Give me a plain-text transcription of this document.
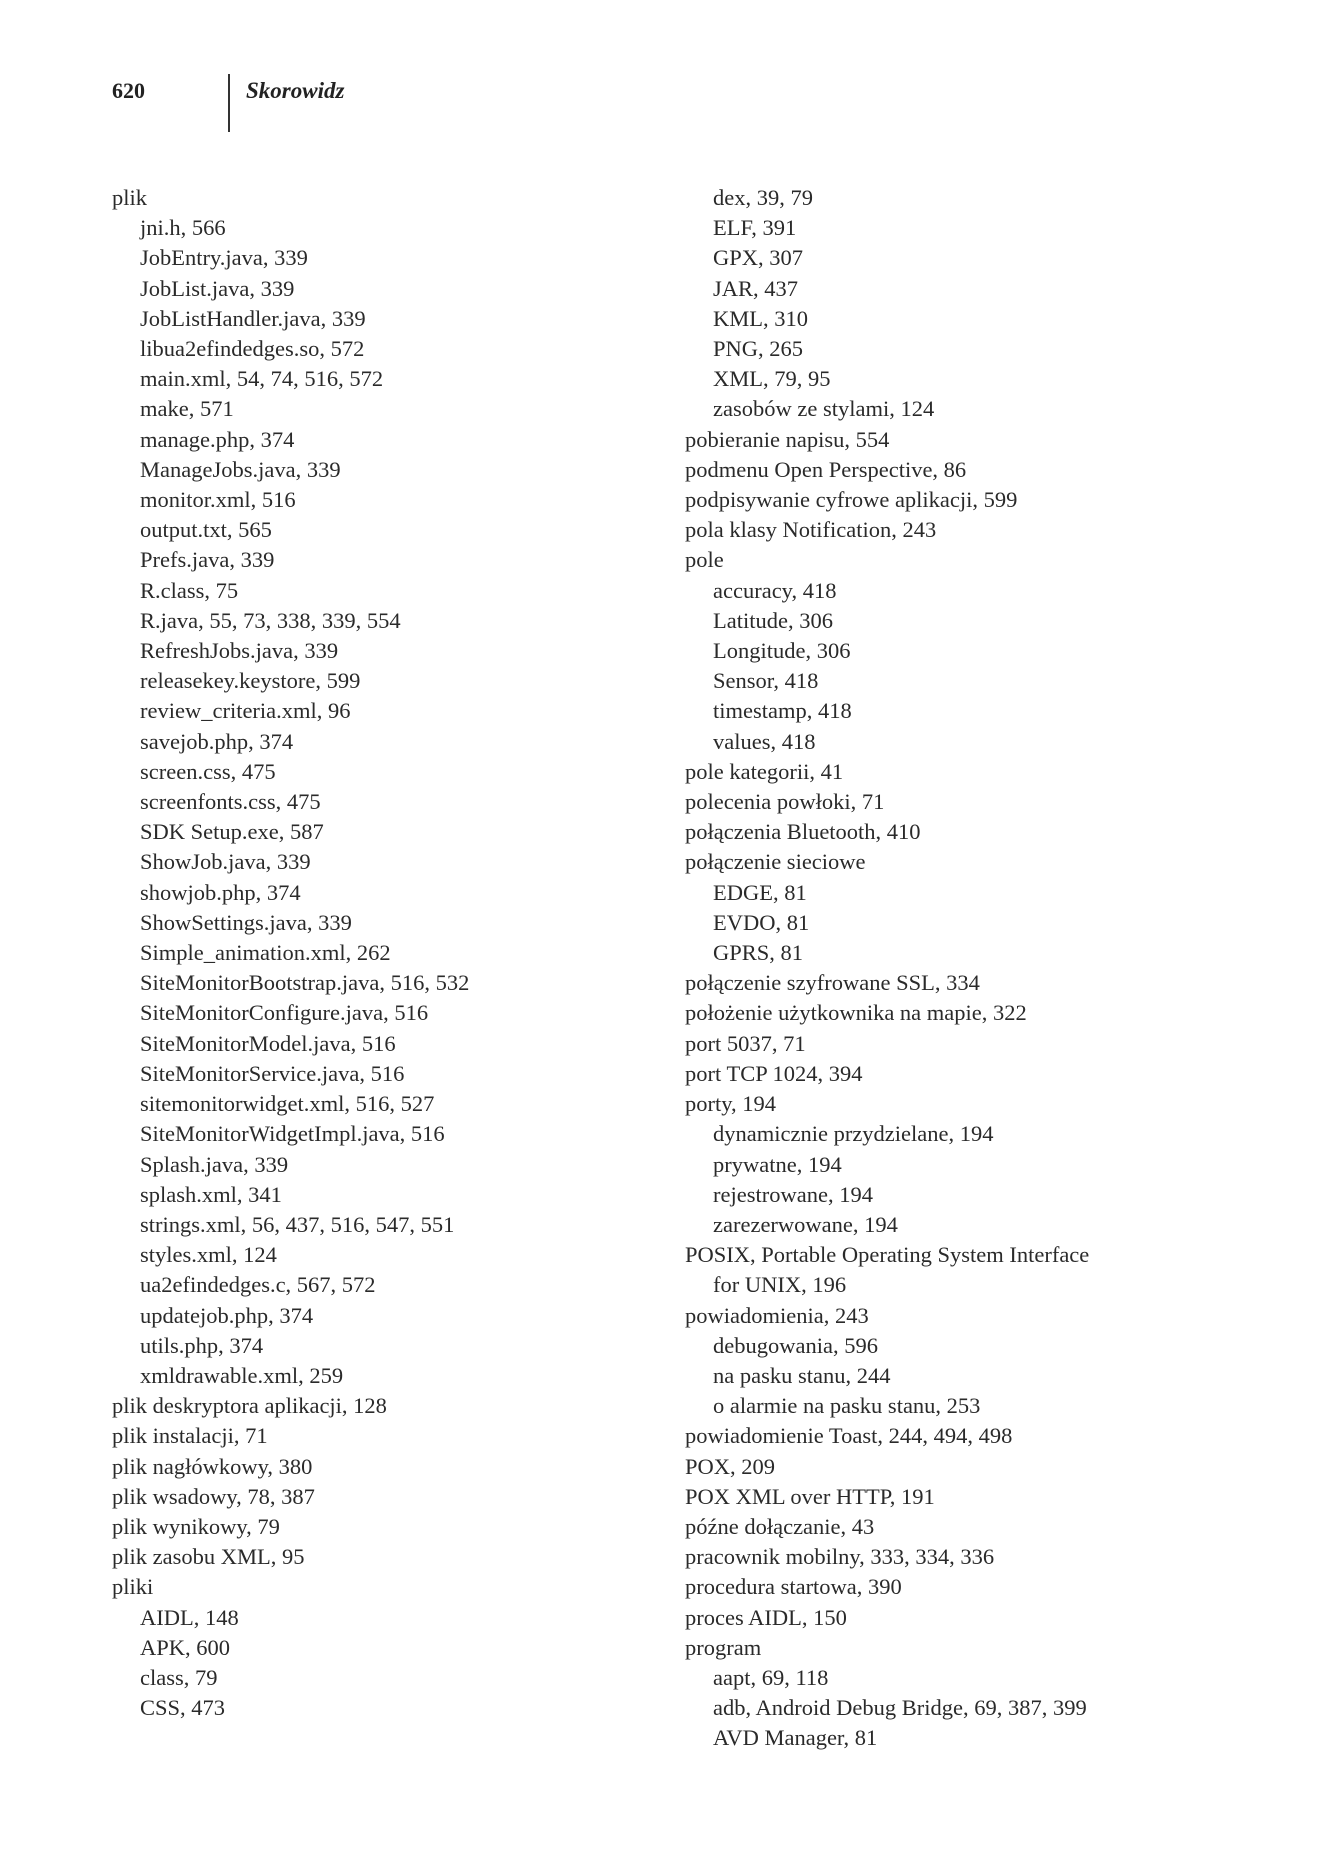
620	Skorowidz
plik
jni.h, 566
JobEntry.java, 339
JobList.java, 339
JobListHandler.java, 339
libua2efindedges.so, 572
main.xml, 54, 74, 516, 572
make, 571
manage.php, 374
ManageJobs.java, 339
monitor.xml, 516
output.txt, 565
Prefs.java, 339
R.class, 75
R.java, 55, 73, 338, 339, 554
RefreshJobs.java, 339
releasekey.keystore, 599
review_criteria.xml, 96
savejob.php, 374
screen.css, 475
screenfonts.css, 475
SDK Setup.exe, 587
ShowJob.java, 339
showjob.php, 374
ShowSettings.java, 339
Simple_animation.xml, 262
SiteMonitorBootstrap.java, 516, 532
SiteMonitorConfigure.java, 516
SiteMonitorModel.java, 516
SiteMonitorService.java, 516
sitemonitorwidget.xml, 516, 527
SiteMonitorWidgetImpl.java, 516
Splash.java, 339
splash.xml, 341
strings.xml, 56, 437, 516, 547, 551
styles.xml, 124
ua2efindedges.c, 567, 572
updatejob.php, 374
utils.php, 374
xmldrawable.xml, 259
plik deskryptora aplikacji, 128
plik instalacji, 71
plik nagłówkowy, 380
plik wsadowy, 78, 387
plik wynikowy, 79
plik zasobu XML, 95
pliki
AIDL, 148
APK, 600
class, 79
CSS, 473
dex, 39, 79
ELF, 391
GPX, 307
JAR, 437
KML, 310
PNG, 265
XML, 79, 95
zasobów ze stylami, 124
pobieranie napisu, 554
podmenu Open Perspective, 86
podpisywanie cyfrowe aplikacji, 599
pola klasy Notification, 243
pole
accuracy, 418
Latitude, 306
Longitude, 306
Sensor, 418
timestamp, 418
values, 418
pole kategorii, 41
polecenia powłoki, 71
połączenia Bluetooth, 410
połączenie sieciowe
EDGE, 81
EVDO, 81
GPRS, 81
połączenie szyfrowane SSL, 334
położenie użytkownika na mapie, 322
port 5037, 71
port TCP 1024, 394
porty, 194
dynamicznie przydzielane, 194
prywatne, 194
rejestrowane, 194
zarezerwowane, 194
POSIX, Portable Operating System Interface
for UNIX, 196
powiadomienia, 243
debugowania, 596
na pasku stanu, 244
o alarmie na pasku stanu, 253
powiadomienie Toast, 244, 494, 498
POX, 209
POX XML over HTTP, 191
późne dołączanie, 43
pracownik mobilny, 333, 334, 336
procedura startowa, 390
proces AIDL, 150
program
aapt, 69, 118
adb, Android Debug Bridge, 69, 387, 399
AVD Manager, 81
